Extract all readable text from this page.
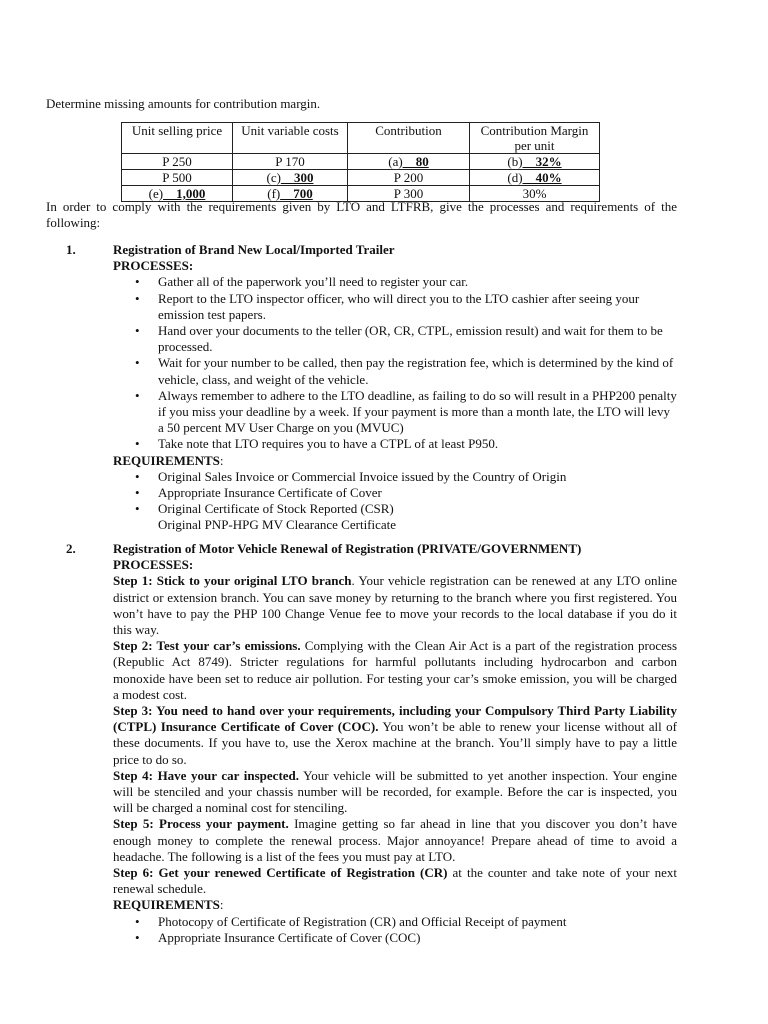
Determine missing amounts for contribution margin.
Unit selling price	Unit variable costs	Contribution	Contribution Margin per unit
P 250	P 170	(a)__80	(b)__32%
P 500	(c)__300	P 200	(d)__40%
(e)__1,000	(f)__700	P 300	30%
In order to comply with the requirements given by LTO and LTFRB, give the processes and requirements of the following:
1.	Registration of Brand New Local/Imported Trailer
PROCESSES:
• Gather all of the paperwork you’ll need to register your car.
• Report to the LTO inspector officer, who will direct you to the LTO cashier after seeing your emission test papers.
• Hand over your documents to the teller (OR, CR, CTPL, emission result) and wait for them to be processed.
• Wait for your number to be called, then pay the registration fee, which is determined by the kind of vehicle, class, and weight of the vehicle.
• Always remember to adhere to the LTO deadline, as failing to do so will result in a PHP200 penalty if you miss your deadline by a week. If your payment is more than a month late, the LTO will levy a 50 percent MV User Charge on you (MVUC)
• Take note that LTO requires you to have a CTPL of at least P950.
REQUIREMENTS:
• Original Sales Invoice or Commercial Invoice issued by the Country of Origin
• Appropriate Insurance Certificate of Cover
• Original Certificate of Stock Reported (CSR)
Original PNP-HPG MV Clearance Certificate
2.	Registration of Motor Vehicle Renewal of Registration (PRIVATE/GOVERNMENT)
PROCESSES:
Step 1: Stick to your original LTO branch. Your vehicle registration can be renewed at any LTO online district or extension branch. You can save money by returning to the branch where you first registered. You won’t have to pay the PHP 100 Change Venue fee to move your records to the local database if you do it this way.
Step 2: Test your car’s emissions. Complying with the Clean Air Act is a part of the registration process (Republic Act 8749). Stricter regulations for harmful pollutants including hydrocarbon and carbon monoxide have been set to reduce air pollution. For testing your car’s smoke emission, you will be charged a modest cost.
Step 3: You need to hand over your requirements, including your Compulsory Third Party Liability (CTPL) Insurance Certificate of Cover (COC). You won’t be able to renew your license without all of these documents. If you have to, use the Xerox machine at the branch. You’ll simply have to pay a little price to do so.
Step 4: Have your car inspected. Your vehicle will be submitted to yet another inspection. Your engine will be stenciled and your chassis number will be recorded, for example. Before the car is inspected, you will be charged a nominal cost for stenciling.
Step 5: Process your payment. Imagine getting so far ahead in line that you discover you don’t have enough money to complete the renewal process. Major annoyance! Prepare ahead of time to avoid a headache. The following is a list of the fees you must pay at LTO.
Step 6: Get your renewed Certificate of Registration (CR) at the counter and take note of your next renewal schedule.
REQUIREMENTS:
• Photocopy of Certificate of Registration (CR) and Official Receipt of payment
• Appropriate Insurance Certificate of Cover (COC)
